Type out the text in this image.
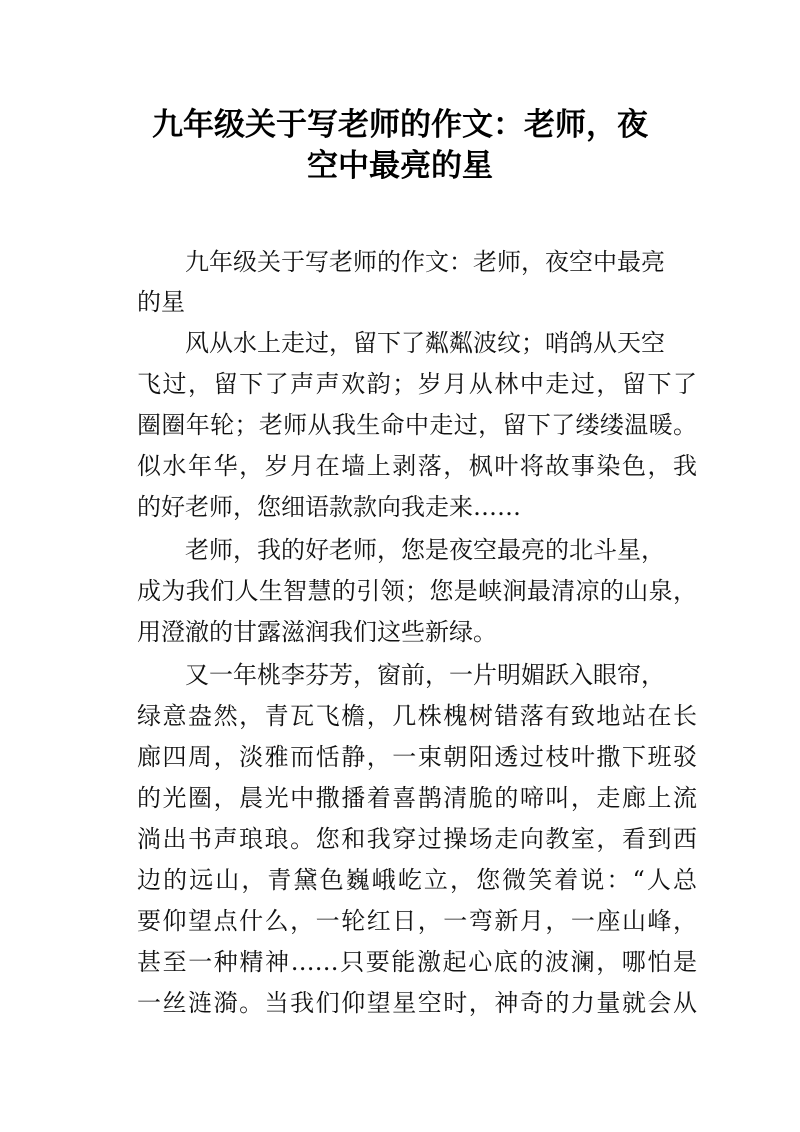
九年级关于写老师的作文：老师，夜
空中最亮的星
九年级关于写老师的作文：老师，夜空中最亮
的星
风从水上走过，留下了粼粼波纹；哨鸽从天空
飞过，留下了声声欢韵；岁月从林中走过，留下了
圈圈年轮；老师从我生命中走过，留下了缕缕温暖。
似水年华，岁月在墙上剥落，枫叶将故事染色，我
的好老师，您细语款款向我走来……
老师，我的好老师，您是夜空最亮的北斗星，
成为我们人生智慧的引领；您是峡涧最清凉的山泉，
用澄澈的甘露滋润我们这些新绿。
又一年桃李芬芳，窗前，一片明媚跃入眼帘，
绿意盎然，青瓦飞檐，几株槐树错落有致地站在长
廊四周，淡雅而恬静，一束朝阳透过枝叶撒下班驳
的光圈，晨光中撒播着喜鹊清脆的啼叫，走廊上流
淌出书声琅琅。您和我穿过操场走向教室，看到西
边的远山，青黛色巍峨屹立，您微笑着说：“人总
要仰望点什么，一轮红日，一弯新月，一座山峰，
甚至一种精神……只要能激起心底的波澜，哪怕是
一丝涟漪。当我们仰望星空时，神奇的力量就会从
